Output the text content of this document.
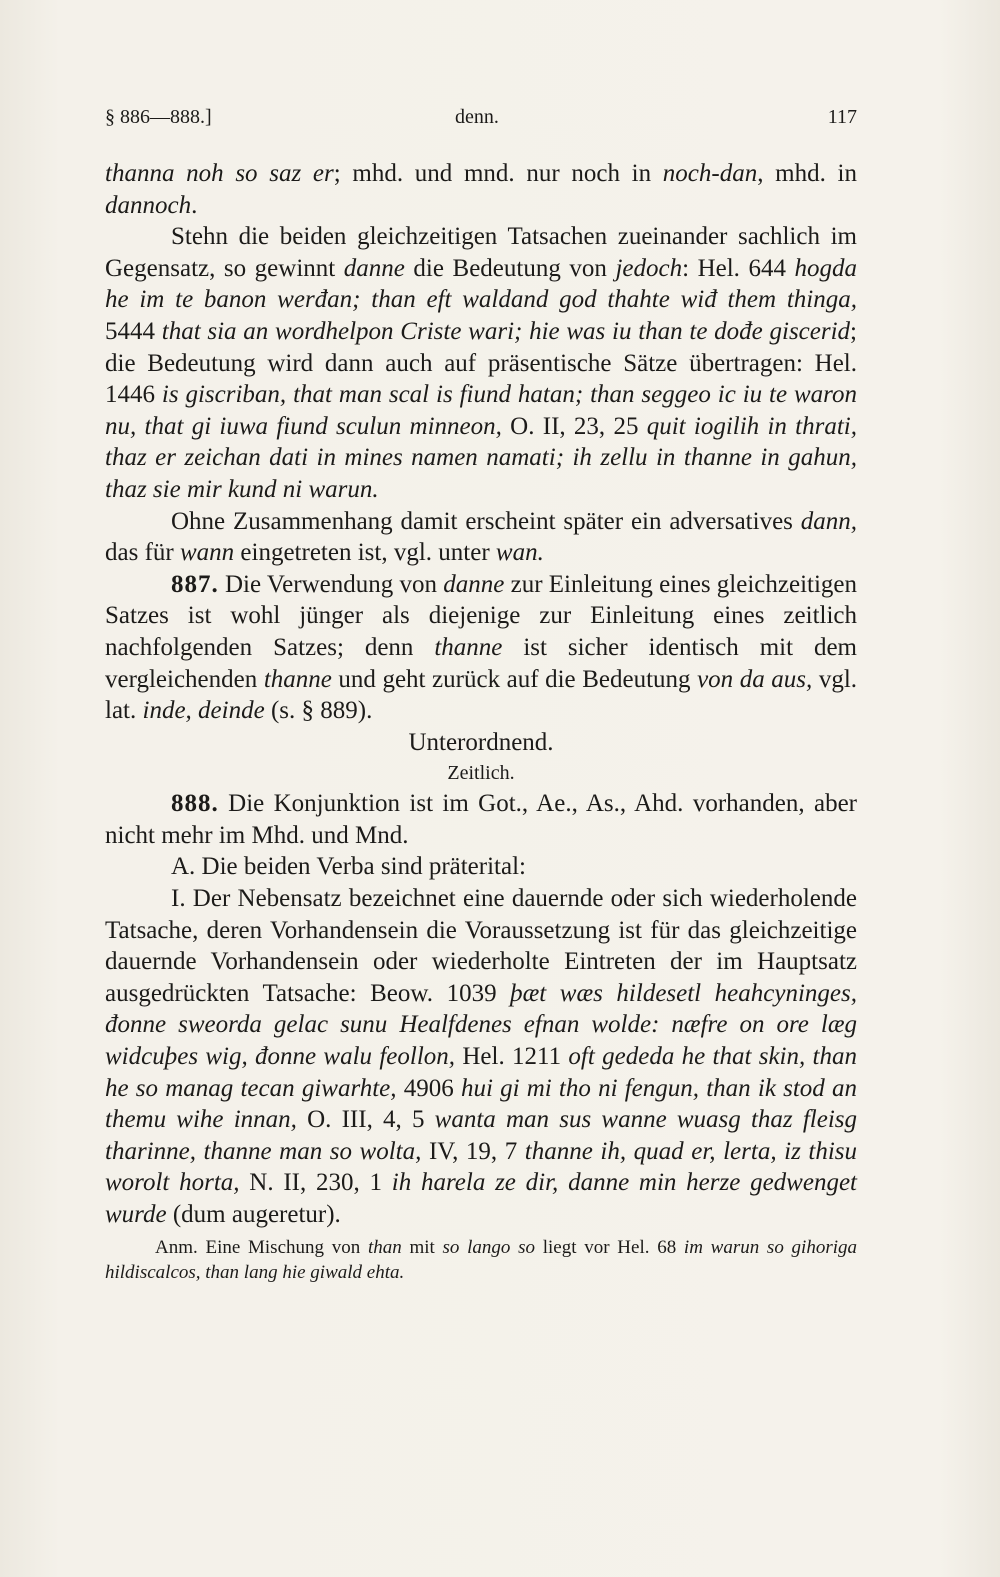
§ 886—888.]	denn.	117

thanna noh so saz er; mhd. und mnd. nur noch in noch-dan, mhd. in dannoch.

Stehn die beiden gleichzeitigen Tatsachen zueinander sachlich im Gegensatz, so gewinnt danne die Bedeutung von jedoch: Hel. 644 hogda he im te banon werđan; than eft waldand god thahte wiđ them thinga, 5444 that sia an wordhelpon Criste wari; hie was iu than te dođe giscerid; die Bedeutung wird dann auch auf präsentische Sätze übertragen: Hel. 1446 is giscriban, that man scal is fiund hatan; than seggeo ic iu te waron nu, that gi iuwa fiund sculun minneon, O. II, 23, 25 quit iogilih in thrati, thaz er zeichan dati in mines namen namati; ih zellu in thanne in gahun, thaz sie mir kund ni warun.

Ohne Zusammenhang damit erscheint später ein adversatives dann, das für wann eingetreten ist, vgl. unter wan.

887. Die Verwendung von danne zur Einleitung eines gleichzeitigen Satzes ist wohl jünger als diejenige zur Einleitung eines zeitlich nachfolgenden Satzes; denn thanne ist sicher identisch mit dem vergleichenden thanne und geht zurück auf die Bedeutung von da aus, vgl. lat. inde, deinde (s. § 889).

Unterordnend.

Zeitlich.

888. Die Konjunktion ist im Got., Ae., As., Ahd. vorhanden, aber nicht mehr im Mhd. und Mnd.

A. Die beiden Verba sind präterital:

I. Der Nebensatz bezeichnet eine dauernde oder sich wiederholende Tatsache, deren Vorhandensein die Voraussetzung ist für das gleichzeitige dauernde Vorhandensein oder wiederholte Eintreten der im Hauptsatz ausgedrückten Tatsache: Beow. 1039 þæt wæs hildesetl heahcyninges, đonne sweorda gelac sunu Healfdenes efnan wolde: næfre on ore læg widcuþes wig, đonne walu feollon, Hel. 1211 oft gededa he that skin, than he so manag tecan giwarhte, 4906 hui gi mi tho ni fengun, than ik stod an themu wihe innan, O. III, 4, 5 wanta man sus wanne wuasg thaz fleisg tharinne, thanne man so wolta, IV, 19, 7 thanne ih, quad er, lerta, iz thisu worolt horta, N. II, 230, 1 ih harela ze dir, danne min herze gedwenget wurde (dum augeretur).

Anm. Eine Mischung von than mit so lango so liegt vor Hel. 68 im warun so gihoriga hildiscalcos, than lang hie giwald ehta.
